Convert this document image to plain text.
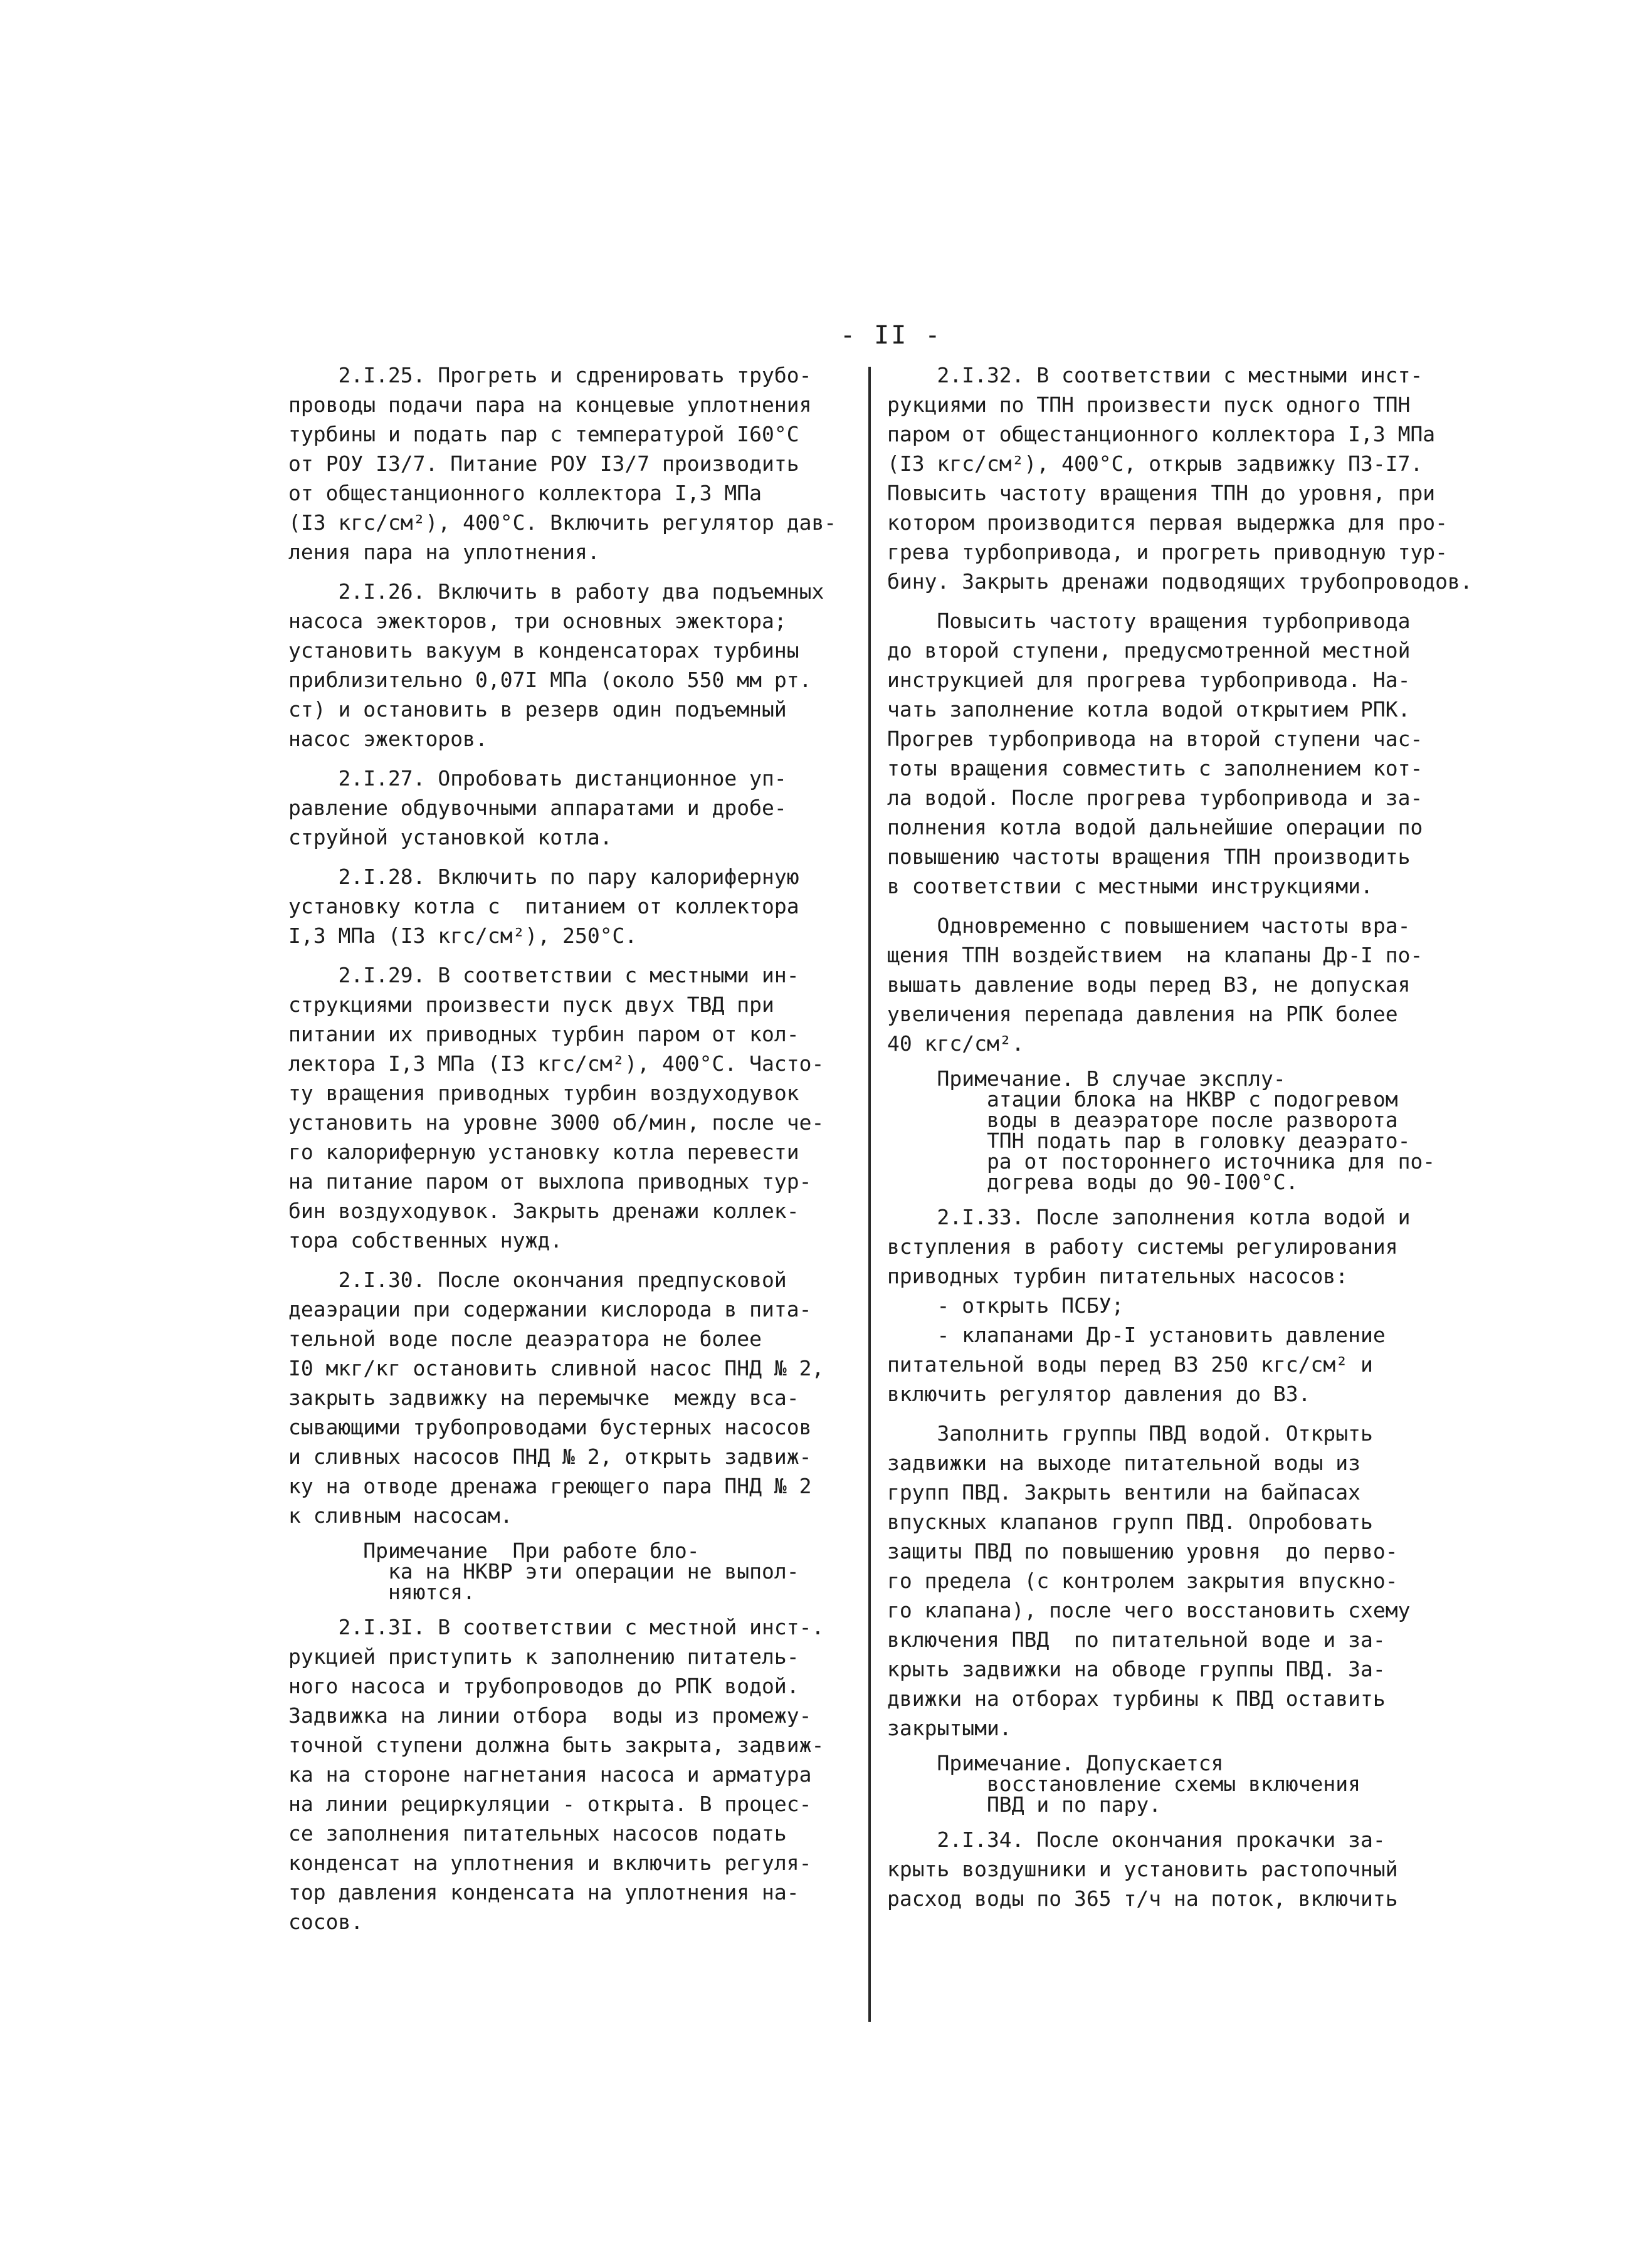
- II -
2.I.25. Прогреть и сдренировать трубо-
проводы подачи пара на концевые уплотнения
турбины и подать пар с температурой I60°С
от РОУ I3/7. Питание РОУ I3/7 производить
от общестанционного коллектора I,3 МПа
(I3 кгс/см²), 400°С. Включить регулятор дав-
ления пара на уплотнения.
2.I.26. Включить в работу два подъемных
насоса эжекторов, три основных эжектора;
установить вакуум в конденсаторах турбины
приблизительно 0,07I МПа (около 550 мм рт.
ст) и остановить в резерв один подъемный
насос эжекторов.
2.I.27. Опробовать дистанционное уп-
равление обдувочными аппаратами и дробе-
струйной установкой котла.
2.I.28. Включить по пару калориферную
установку котла с  питанием от коллектора
I,3 МПа (I3 кгс/см²), 250°С.
2.I.29. В соответствии с местными ин-
струкциями произвести пуск двух ТВД при
питании их приводных турбин паром от кол-
лектора I,3 МПа (I3 кгс/см²), 400°С. Часто-
ту вращения приводных турбин воздуходувок
установить на уровне 3000 об/мин, после че-
го калориферную установку котла перевести
на питание паром от выхлопа приводных тур-
бин воздуходувок. Закрыть дренажи коллек-
тора собственных нужд.
2.I.30. После окончания предпусковой
деаэрации при содержании кислорода в пита-
тельной воде после деаэратора не более
I0 мкг/кг остановить сливной насос ПНД № 2,
закрыть задвижку на перемычке  между вса-
сывающими трубопроводами бустерных насосов
и сливных насосов ПНД № 2, открыть задвиж-
ку на отводе дренажа греющего пара ПНД № 2
к сливным насосам.
Примечание  При работе бло-
ка на НКВР эти операции не выпол-
няются.
2.I.3I. В соответствии с местной инст-.
рукцией приступить к заполнению питатель-
ного насоса и трубопроводов до РПК водой.
Задвижка на линии отбора  воды из промежу-
точной ступени должна быть закрыта, задвиж-
ка на стороне нагнетания насоса и арматура
на линии рециркуляции - открыта. В процес-
се заполнения питательных насосов подать
конденсат на уплотнения и включить регуля-
тор давления конденсата на уплотнения на-
сосов.
2.I.32. В соответствии с местными инст-
рукциями по ТПН произвести пуск одного ТПН
паром от общестанционного коллектора I,3 МПа
(I3 кгс/см²), 400°С, открыв задвижку ПЗ-I7.
Повысить частоту вращения ТПН до уровня, при
котором производится первая выдержка для про-
грева турбопривода, и прогреть приводную тур-
бину. Закрыть дренажи подводящих трубопроводов.
Повысить частоту вращения турбопривода
до второй ступени, предусмотренной местной
инструкцией для прогрева турбопривода. На-
чать заполнение котла водой открытием РПК.
Прогрев турбопривода на второй ступени час-
тоты вращения совместить с заполнением кот-
ла водой. После прогрева турбопривода и за-
полнения котла водой дальнейшие операции по
повышению частоты вращения ТПН производить
в соответствии с местными инструкциями.
Одновременно с повышением частоты вра-
щения ТПН воздействием  на клапаны Др-I по-
вышать давление воды перед ВЗ, не допуская
увеличения перепада давления на РПК более
40 кгс/см².
Примечание. В случае эксплу-
атации блока на НКВР с подогревом
воды в деаэраторе после разворота
ТПН подать пар в головку деаэрато-
ра от постороннего источника для по-
догрева воды до 90-I00°С.
2.I.33. После заполнения котла водой и
вступления в работу системы регулирования
приводных турбин питательных насосов:
- открыть ПСБУ;
- клапанами Др-I установить давление
питательной воды перед ВЗ 250 кгс/см² и
включить регулятор давления до ВЗ.
Заполнить группы ПВД водой. Открыть
задвижки на выходе питательной воды из
групп ПВД. Закрыть вентили на байпасах
впускных клапанов групп ПВД. Опробовать
защиты ПВД по повышению уровня  до перво-
го предела (с контролем закрытия впускно-
го клапана), после чего восстановить схему
включения ПВД  по питательной воде и за-
крыть задвижки на обводе группы ПВД. За-
движки на отборах турбины к ПВД оставить
закрытыми.
Примечание. Допускается
восстановление схемы включения
ПВД и по пару.
2.I.34. После окончания прокачки за-
крыть воздушники и установить растопочный
расход воды по 365 т/ч на поток, включить
